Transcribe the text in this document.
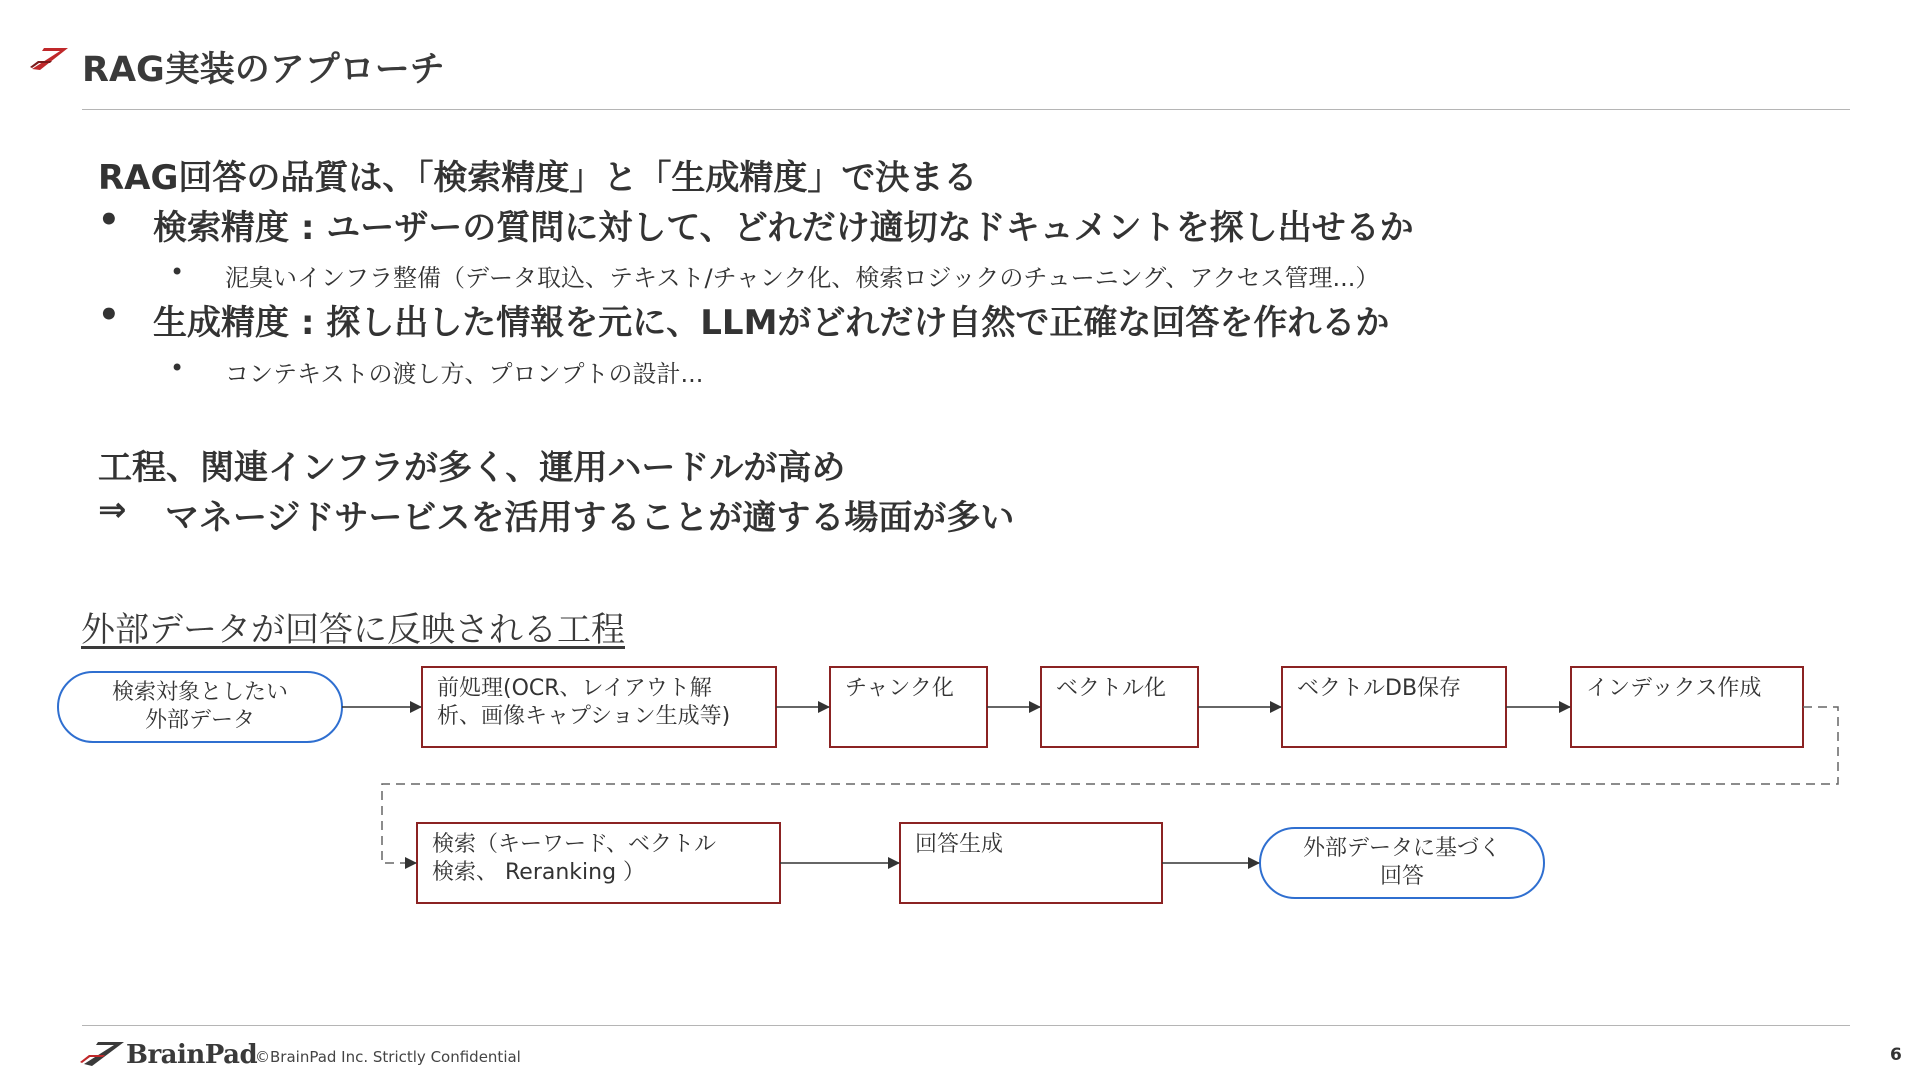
RAG実装のアプローチ
RAG回答の品質は、「検索精度」と「生成精度」で決まる
• 検索精度 : ユーザーの質問に対して、どれだけ適切なドキュメントを探し出せるか
• 泥臭いインフラ整備（データ取込、テキスト/チャンク化、検索ロジックのチューニング、アクセス管理...）
• 生成精度 : 探し出した情報を元に、LLMがどれだけ自然で正確な回答を作れるか
• コンテキストの渡し方、プロンプトの設計...
工程、関連インフラが多く、運用ハードルが高め
⇒ マネージドサービスを活用することが適する場面が多い
外部データが回答に反映される工程
検索対象としたい
外部データ
前処理(OCR、レイアウト解
析、画像キャプション生成等)
チャンク化	ベクトル化	ベクトルDB保存	インデックス作成
検索（キーワード、ベクトル
検索、 Reranking ）
回答生成	外部データに基づく
回答
BrainPad
©BrainPad Inc. Strictly Confidential	6
